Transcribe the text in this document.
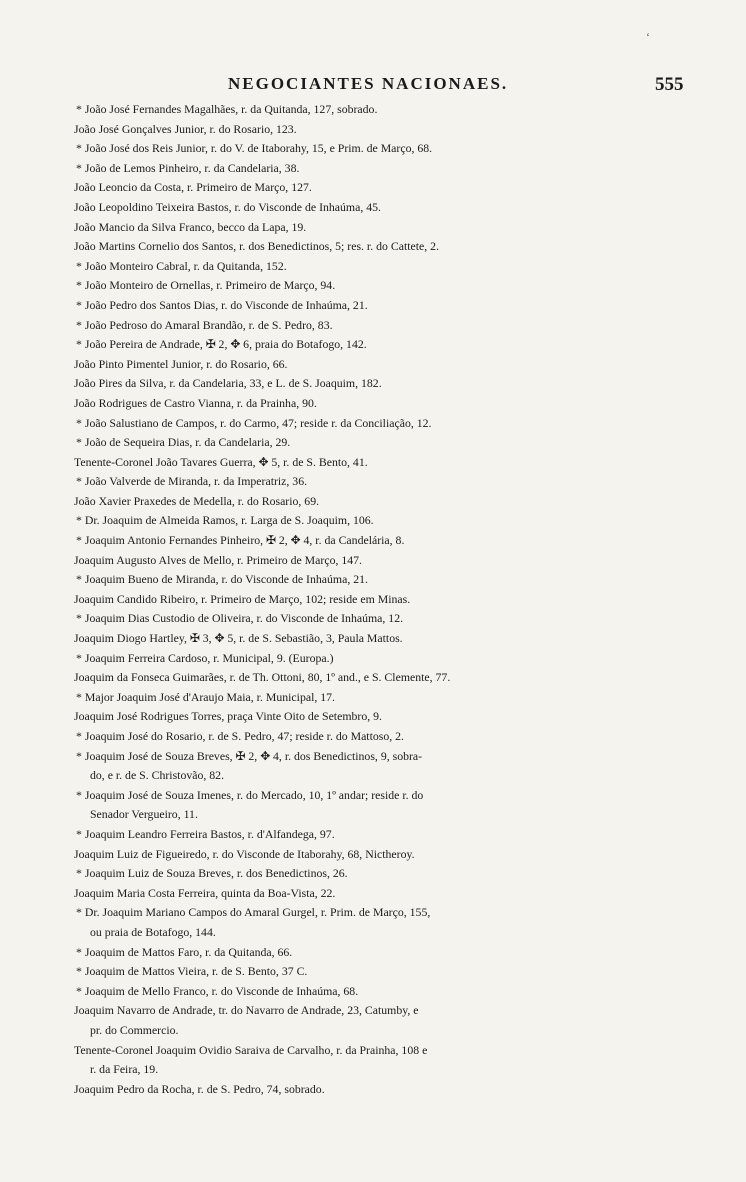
ʻ
NEGOCIANTES NACIONAES.	555
* João José Fernandes Magalhães, r. da Quitanda, 127, sobrado.
João José Gonçalves Junior, r. do Rosario, 123.
* João José dos Reis Junior, r. do V. de Itaborahy, 15, e Prim. de Março, 68.
* João de Lemos Pinheiro, r. da Candelaria, 38.
João Leoncio da Costa, r. Primeiro de Março, 127.
João Leopoldino Teixeira Bastos, r. do Visconde de Inhaúma, 45.
João Mancio da Silva Franco, becco da Lapa, 19.
João Martins Cornelio dos Santos, r. dos Benedictinos, 5; res. r. do Cattete, 2.
* João Monteiro Cabral, r. da Quitanda, 152.
* João Monteiro de Ornellas, r. Primeiro de Março, 94.
* João Pedro dos Santos Dias, r. do Visconde de Inhaúma, 21.
* João Pedroso do Amaral Brandão, r. de S. Pedro, 83.
* João Pereira de Andrade, ✠ 2, ✥ 6, praia do Botafogo, 142.
João Pinto Pimentel Junior, r. do Rosario, 66.
João Pires da Silva, r. da Candelaria, 33, e L. de S. Joaquim, 182.
João Rodrigues de Castro Vianna, r. da Prainha, 90.
* João Salustiano de Campos, r. do Carmo, 47; reside r. da Conciliação, 12.
* João de Sequeira Dias, r. da Candelaria, 29.
Tenente-Coronel João Tavares Guerra, ✥ 5, r. de S. Bento, 41.
* João Valverde de Miranda, r. da Imperatriz, 36.
João Xavier Praxedes de Medella, r. do Rosario, 69.
* Dr. Joaquim de Almeida Ramos, r. Larga de S. Joaquim, 106.
* Joaquim Antonio Fernandes Pinheiro, ✠ 2, ✥ 4, r. da Candelária, 8.
Joaquim Augusto Alves de Mello, r. Primeiro de Março, 147.
* Joaquim Bueno de Miranda, r. do Visconde de Inhaúma, 21.
Joaquim Candido Ribeiro, r. Primeiro de Março, 102; reside em Minas.
* Joaquim Dias Custodio de Oliveira, r. do Visconde de Inhaúma, 12.
Joaquim Diogo Hartley, ✠ 3, ✥ 5, r. de S. Sebastião, 3, Paula Mattos.
* Joaquim Ferreira Cardoso, r. Municipal, 9. (Europa.)
Joaquim da Fonseca Guimarães, r. de Th. Ottoni, 80, 1º and., e S. Clemente, 77.
* Major Joaquim José d'Araujo Maia, r. Municipal, 17.
Joaquim José Rodrigues Torres, praça Vinte Oito de Setembro, 9.
* Joaquim José do Rosario, r. de S. Pedro, 47; reside r. do Mattoso, 2.
* Joaquim José de Souza Breves, ✠ 2, ✥ 4, r. dos Benedictinos, 9, sobra-
do, e r. de S. Christovão, 82.
* Joaquim José de Souza Imenes, r. do Mercado, 10, 1º andar; reside r. do
Senador Vergueiro, 11.
* Joaquim Leandro Ferreira Bastos, r. d'Alfandega, 97.
Joaquim Luiz de Figueiredo, r. do Visconde de Itaborahy, 68, Nictheroy.
* Joaquim Luiz de Souza Breves, r. dos Benedictinos, 26.
Joaquim Maria Costa Ferreira, quinta da Boa-Vista, 22.
* Dr. Joaquim Mariano Campos do Amaral Gurgel, r. Prim. de Março, 155,
ou praia de Botafogo, 144.
* Joaquim de Mattos Faro, r. da Quitanda, 66.
* Joaquim de Mattos Vieira, r. de S. Bento, 37 C.
* Joaquim de Mello Franco, r. do Visconde de Inhaúma, 68.
Joaquim Navarro de Andrade, tr. do Navarro de Andrade, 23, Catumby, e
pr. do Commercio.
Tenente-Coronel Joaquim Ovidio Saraiva de Carvalho, r. da Prainha, 108 e
r. da Feira, 19.
Joaquim Pedro da Rocha, r. de S. Pedro, 74, sobrado.
